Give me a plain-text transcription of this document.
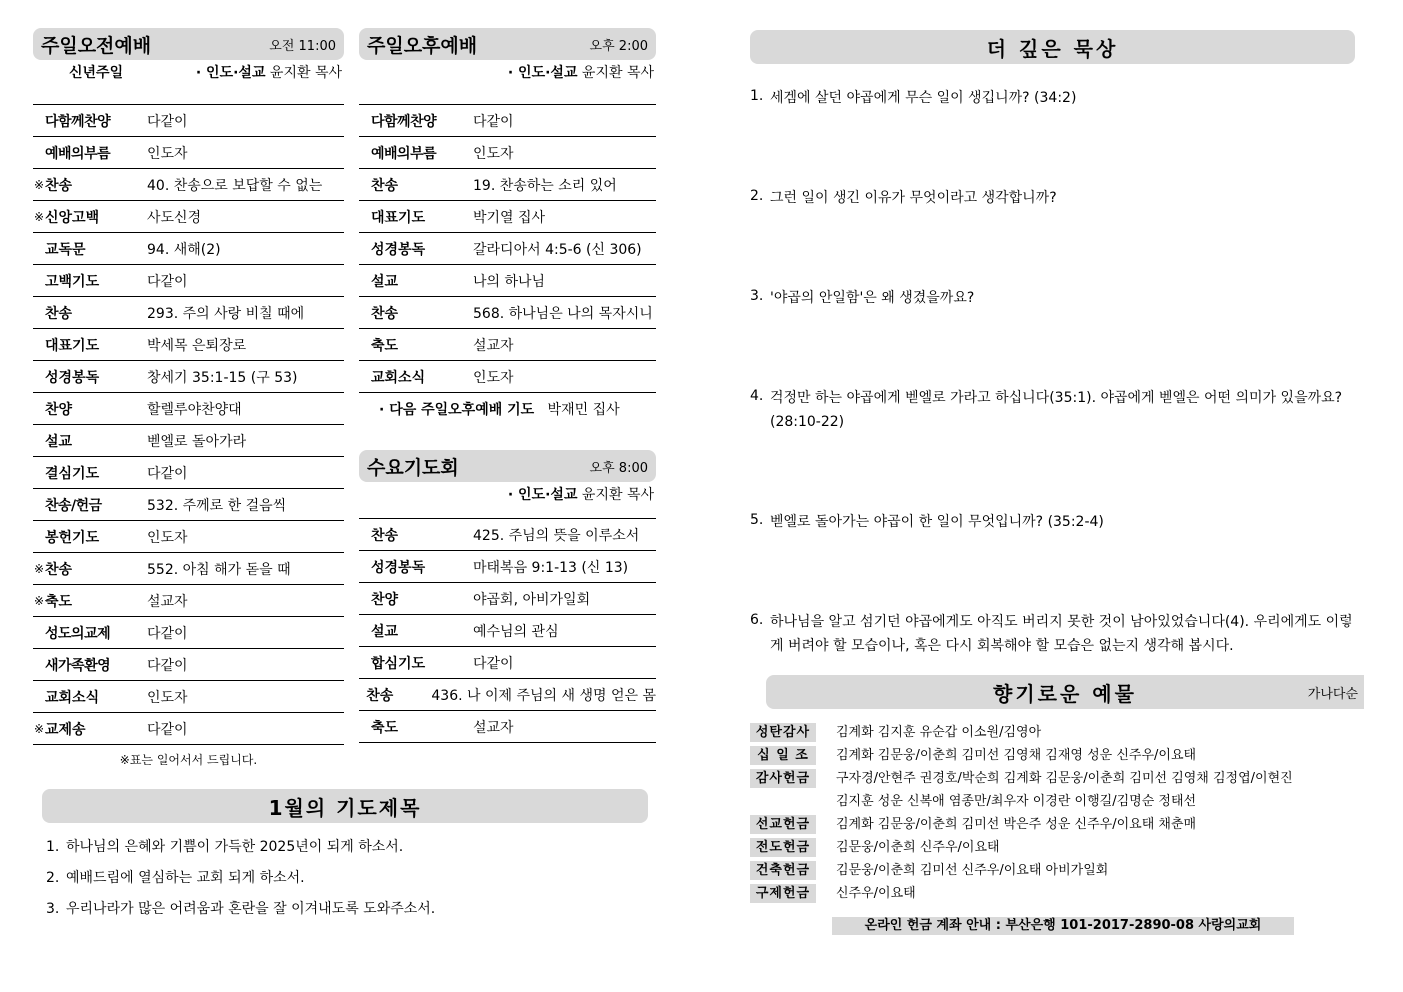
주일오전예배	오전 11:00
신년주일	· 인도·설교 윤지환 목사
다함께찬양	다같이
예배의부름	인도자
※ 찬송	40. 찬송으로 보답할 수 없는
※ 신앙고백	사도신경
교독문	94. 새해(2)
고백기도	다같이
찬송	293. 주의 사랑 비칠 때에
대표기도	박세목 은퇴장로
성경봉독	창세기 35:1-15 (구 53)
찬양	할렐루야찬양대
설교	벧엘로 돌아가라
결심기도	다같이
찬송/헌금	532. 주께로 한 걸음씩
봉헌기도	인도자
※ 찬송	552. 아침 해가 돋을 때
※ 축도	설교자
성도의교제	다같이
새가족환영	다같이
교회소식	인도자
※ 교제송	다같이
※표는 일어서서 드립니다.
주일오후예배	오후 2:00
· 인도·설교 윤지환 목사
다함께찬양	다같이
예배의부름	인도자
찬송	19. 찬송하는 소리 있어
대표기도	박기열 집사
성경봉독	갈라디아서 4:5-6 (신 306)
설교	나의 하나님
찬송	568. 하나님은 나의 목자시니
축도	설교자
교회소식	인도자
· 다음 주일오후예배 기도 박재민 집사
수요기도회	오후 8:00
· 인도·설교 윤지환 목사
찬송	425. 주님의 뜻을 이루소서
성경봉독	마태복음 9:1-13 (신 13)
찬양	야곱회, 아비가일회
설교	예수님의 관심
합심기도	다같이
찬송	436. 나 이제 주님의 새 생명 얻은 몸
축도	설교자
1월의 기도제목
1. 하나님의 은혜와 기쁨이 가득한 2025년이 되게 하소서.
2. 예배드림에 열심하는 교회 되게 하소서.
3. 우리나라가 많은 어려움과 혼란을 잘 이겨내도록 도와주소서.
더 깊은 묵상
1. 세겜에 살던 야곱에게 무슨 일이 생깁니까? (34:2)
2. 그런 일이 생긴 이유가 무엇이라고 생각합니까?
3. '야곱의 안일함'은 왜 생겼을까요?
4. 걱정만 하는 야곱에게 벧엘로 가라고 하십니다(35:1). 야곱에게 벧엘은 어떤 의미가 있을까요? (28:10-22)
5. 벧엘로 돌아가는 야곱이 한 일이 무엇입니까? (35:2-4)
6. 하나님을 알고 섬기던 야곱에게도 아직도 버리지 못한 것이 남아있었습니다(4). 우리에게도 이렇게 버려야 할 모습이나, 혹은 다시 회복해야 할 모습은 없는지 생각해 봅시다.
향기로운 예물	가나다순
성탄감사	김계화 김지훈 유순갑 이소원/김영아
십 일 조	김계화 김문웅/이춘희 김미선 김영채 김재영 성운 신주우/이요태
감사헌금	구자경/안현주 권경호/박순희 김계화 김문웅/이춘희 김미선 김영채 김정엽/이현진
김지훈 성운 신복애 염종만/최우자 이경란 이행길/김명순 정태선
선교헌금	김계화 김문웅/이춘희 김미선 박은주 성운 신주우/이요태 채춘매
전도헌금	김문웅/이춘희 신주우/이요태
건축헌금	김문웅/이춘희 김미선 신주우/이요태 아비가일회
구제헌금	신주우/이요태
온라인 헌금 계좌 안내 : 부산은행 101-2017-2890-08 사랑의교회
